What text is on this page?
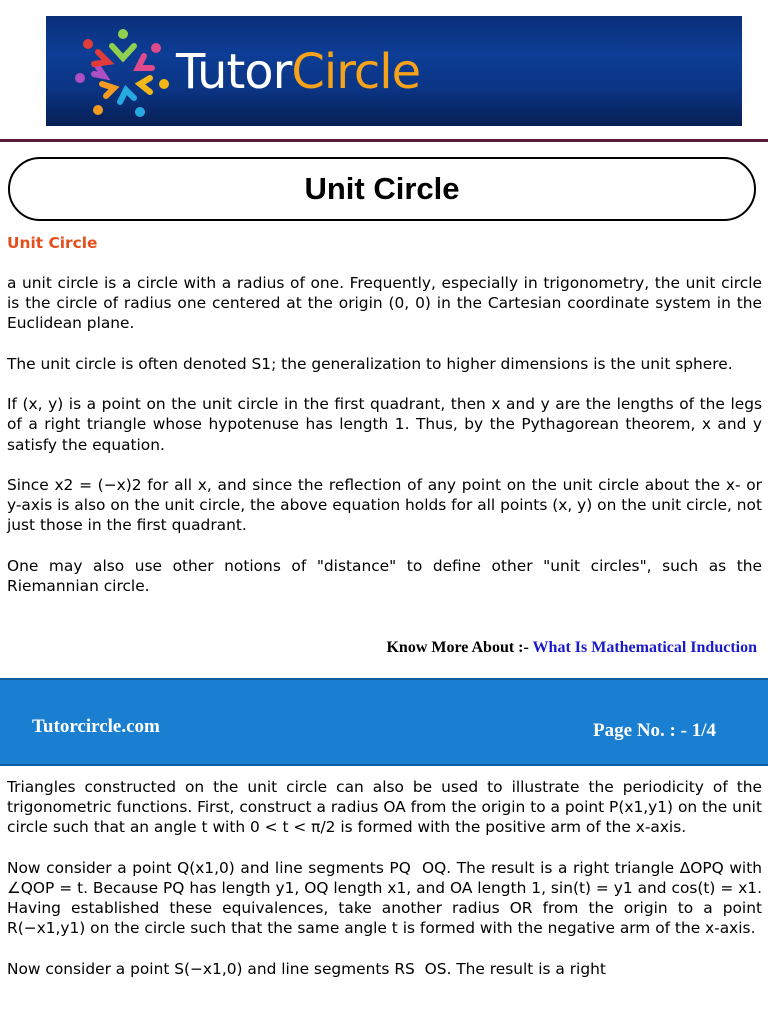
TutorCircle
Unit Circle
Unit Circle

a unit circle is a circle with a radius of one. Frequently, especially in trigonometry, the unit circle is the circle of radius one centered at the origin (0, 0) in the Cartesian coordinate system in the Euclidean plane.

The unit circle is often denoted S1; the generalization to higher dimensions is the unit sphere.

If (x, y) is a point on the unit circle in the first quadrant, then x and y are the lengths of the legs of a right triangle whose hypotenuse has length 1. Thus, by the Pythagorean theorem, x and y satisfy the equation.

Since x2 = (−x)2 for all x, and since the reflection of any point on the unit circle about the x- or y-axis is also on the unit circle, the above equation holds for all points (x, y) on the unit circle, not just those in the first quadrant.

One may also use other notions of "distance" to define other "unit circles", such as the Riemannian circle.

Know More About :- What Is Mathematical Induction
Tutorcircle.com	Page No. : - 1/4

Triangles constructed on the unit circle can also be used to illustrate the periodicity of the trigonometric functions. First, construct a radius OA from the origin to a point P(x1,y1) on the unit circle such that an angle t with 0 < t < π/2 is formed with the positive arm of the x-axis.

Now consider a point Q(x1,0) and line segments PQ  OQ. The result is a right triangle ΔOPQ with ∠QOP = t. Because PQ has length y1, OQ length x1, and OA length 1, sin(t) = y1 and cos(t) = x1. Having established these equivalences, take another radius OR from the origin to a point R(−x1,y1) on the circle such that the same angle t is formed with the negative arm of the x-axis.

Now consider a point S(−x1,0) and line segments RS  OS. The result is a right
